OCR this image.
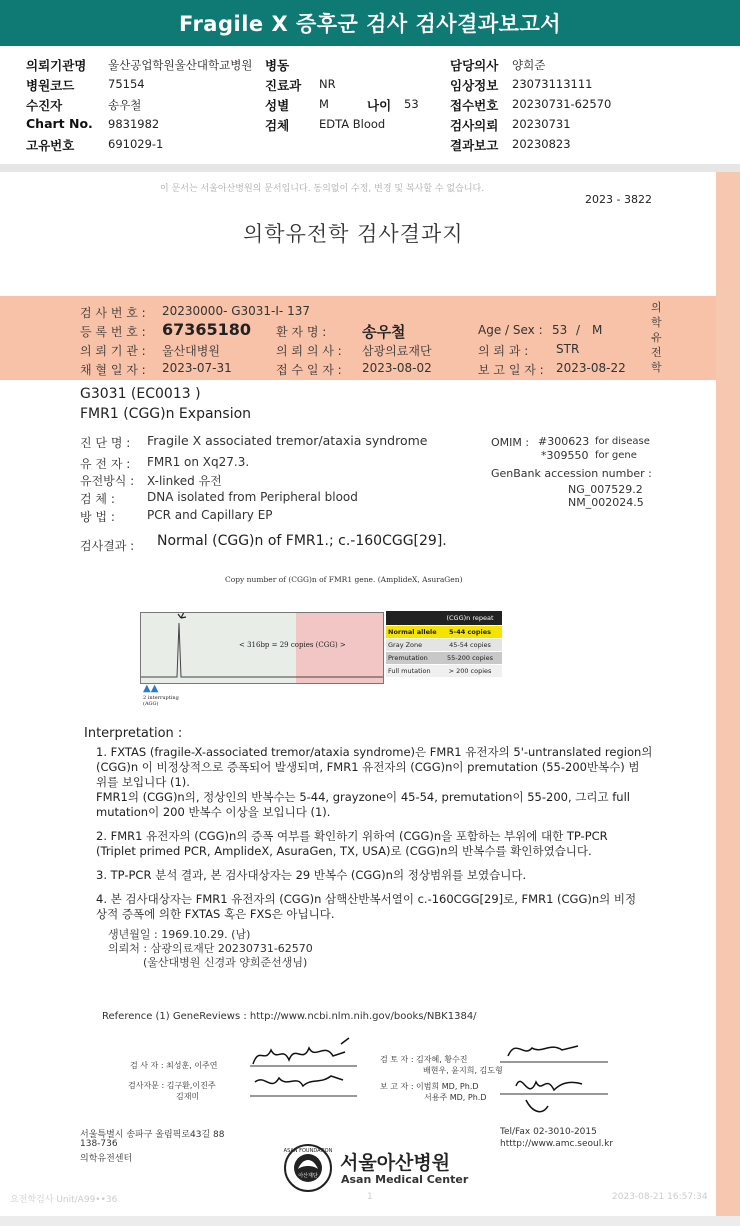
Fragile X 증후군 검사 검사결과보고서
의뢰기관명 울산공업학원울산대학교병원 병동	담당의사 양희준
병원코드	75154	진료과 NR	임상정보 23073113111
수진자	송우철	성별	M	나이 53	접수번호 20230731-62570
Chart No. 9831982	검체	EDTA Blood	검사의뢰 20230731
고유번호	691029-1	결과보고 20230823
이 문서는 서울아산병원의 문서입니다. 동의없이 수정, 변경 및 복사할 수 없습니다.
2023 - 3822
의학유전학 검사결과지
검 사 번 호 : 20230000- G3031-I- 137
등 록 번 호 : 67365180 환 자 명 : 송우철	Age / Sex : 53 / M
의 뢰 기 관 : 울산대병원	의 뢰 의 사 : 삼광의료재단	의 뢰 과 : STR
채 혈 일 자 : 2023-07-31	접 수 일 자 : 2023-08-02	보 고 일 자 : 2023-08-22
의학유전학
G3031 (EC0013 )
FMR1 (CGG)n Expansion
진 단 명 : Fragile X associated tremor/ataxia syndrome
유 전 자 : FMR1 on Xq27.3.
유전방식 : X-linked 유전
검 체 :	DNA isolated from Peripheral blood
방 법 :	PCR and Capillary EP
OMIM : #300623 for disease
*309550 for gene
GenBank accession number :
NG_007529.2
NM_002024.5
검사결과 : Normal (CGG)n of FMR1.; c.-160CGG[29].
Copy number of (CGG)n of FMR1 gene. (AmplideX, AsuraGen)
< 316bp = 29 copies (CGG) >
▲▲
2 interrupting (AGG)
(CGG)n repeat
Normal allele	5-44 copies
Gray Zone	45-54 copies
Premutation	55-200 copies
Full mutation	> 200 copies
Interpretation :
1. FXTAS (fragile-X-associated tremor/ataxia syndrome)은 FMR1 유전자의 5'-untranslated region의
(CGG)n 이 비정상적으로 증폭되어 발생되며, FMR1 유전자의 (CGG)n이 premutation (55-200반복수) 범
위를 보입니다 (1).
FMR1의 (CGG)n의, 정상인의 반복수는 5-44, grayzone이 45-54, premutation이 55-200, 그리고 full
mutation이 200 반복수 이상을 보입니다 (1).
2. FMR1 유전자의 (CGG)n의 증폭 여부를 확인하기 위하여 (CGG)n을 포함하는 부위에 대한 TP-PCR
(Triplet primed PCR, AmplideX, AsuraGen, TX, USA)로 (CGG)n의 반복수를 확인하였습니다.
3. TP-PCR 분석 결과, 본 검사대상자는 29 반복수 (CGG)n의 정상범위를 보였습니다.
4. 본 검사대상자는 FMR1 유전자의 (CGG)n 삼핵산반복서열이 c.-160CGG[29]로, FMR1 (CGG)n의 비정
상적 증폭에 의한 FXTAS 혹은 FXS은 아닙니다.
생년월일 : 1969.10.29. (남)
의뢰처 : 삼광의료재단 20230731-62570
(울산대병원 신경과 양희준선생님)
Reference (1) GeneReviews : http://www.ncbi.nlm.nih.gov/books/NBK1384/
검 사 자 : 최성훈, 이주연
검사자문 : 김구환,이진주
김재미
검 토 자 : 김자혜, 황수진
배현우, 윤지희, 김도형
보 고 자 : 이범희 MD, Ph.D
서용주 MD, Ph.D
서울특별시 송파구 올림픽로43길 88
138-736
의학유전센터
Tel/Fax 02-3010-2015
htttp://www.amc.seoul.kr
ASAN FOUNDATION
아산재단
서울아산병원
Asan Medical Center
요전학검사 Unit/A99••36	1	2023-08-21 16:57:34
